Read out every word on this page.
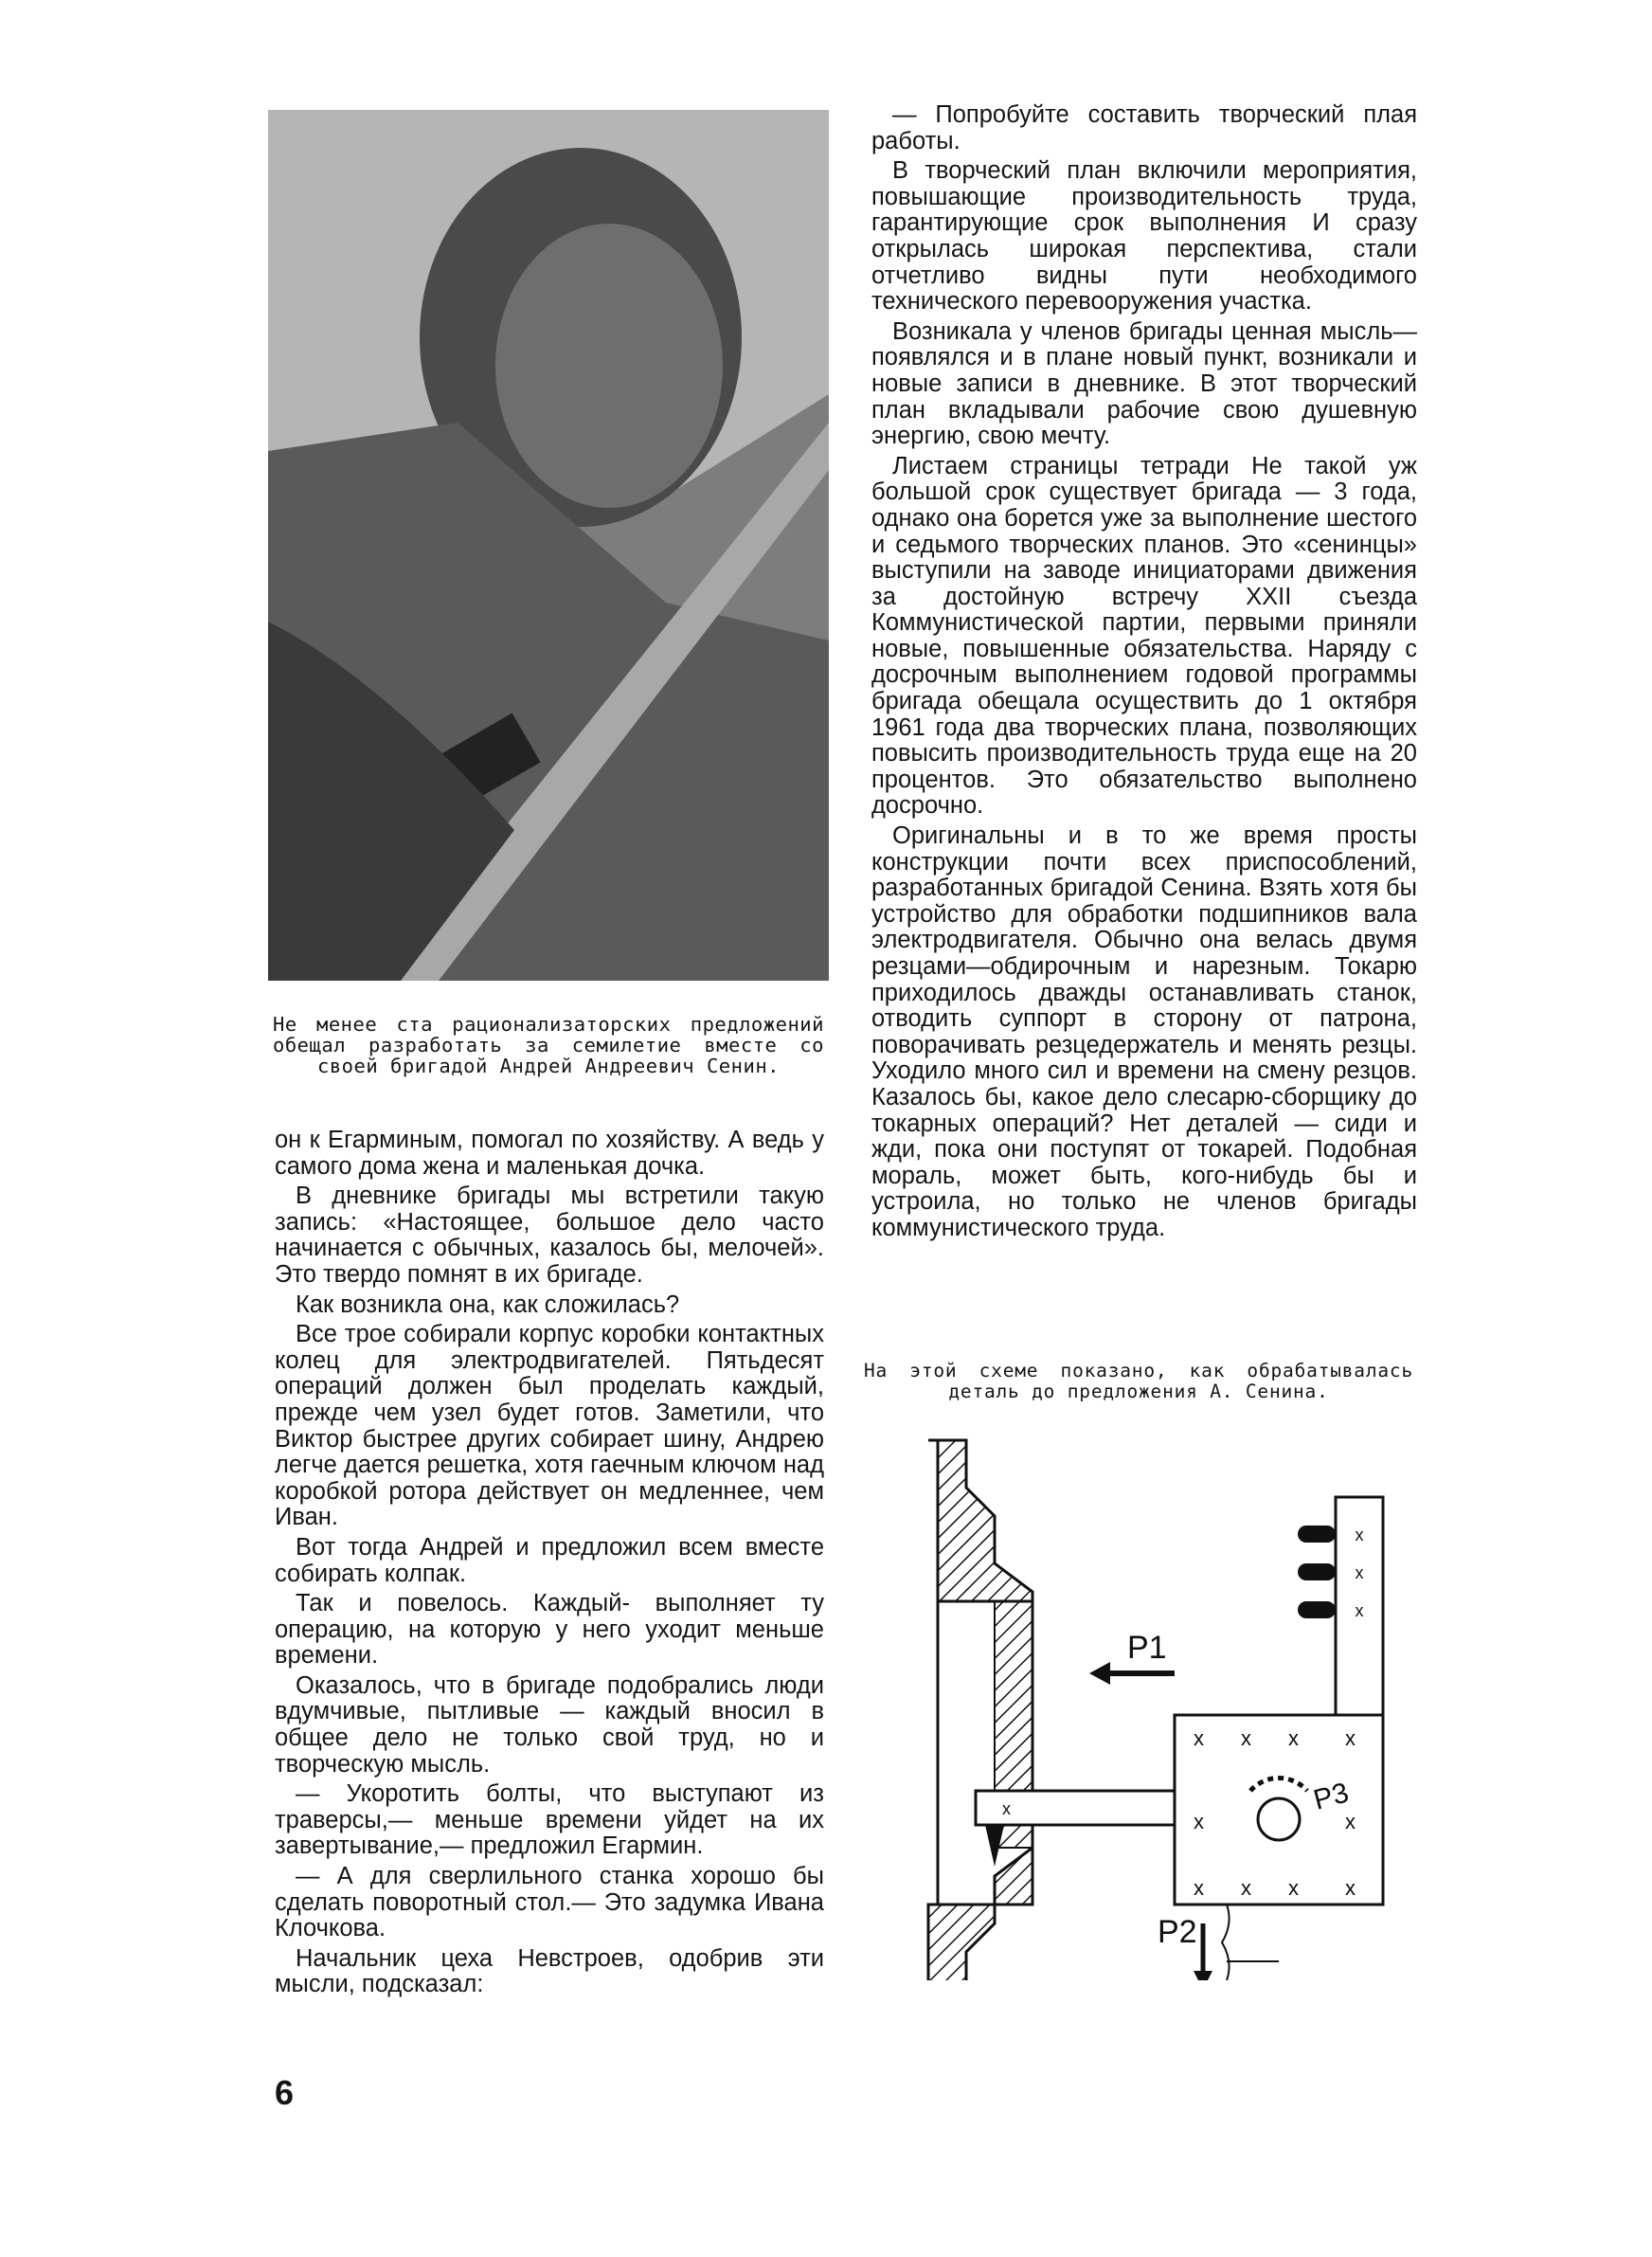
Не менее ста рационализаторских предложений обещал разработать за семилетие вместе со своей бригадой Андрей Андреевич Сенин.

он к Егарминым, помогал по хозяйству. А ведь у самого дома жена и маленькая дочка.

В дневнике бригады мы встретили такую запись: «Настоящее, большое дело часто начинается с обычных, казалось бы, мелочей». Это твердо помнят в их бригаде.

Как возникла она, как сложилась?

Все трое собирали корпус коробки контактных колец для электродвигателей. Пятьдесят операций должен был проделать каждый, прежде чем узел будет готов. Заметили, что Виктор быстрее других собирает шину, Андрею легче дается решетка, хотя гаечным ключом над коробкой ротора действует он медленнее, чем Иван.

Вот тогда Андрей и предложил всем вместе собирать колпак.

Так и повелось. Каждый- выполняет ту операцию, на которую у него уходит меньше времени.

Оказалось, что в бригаде подобрались люди вдумчивые, пытливые — каждый вносил в общее дело не только свой труд, но и творческую мысль.

— Укоротить болты, что выступают из траверсы,— меньше времени уйдет на их завертывание,— предложил Егармин.

— А для сверлильного станка хорошо бы сделать поворотный стол.— Это задумка Ивана Клочкова.

Начальник цеха Невстроев, одобрив эти мысли, подсказал:

— Попробуйте составить творческий плая работы.

В творческий план включили мероприятия, повышающие производительность труда, гарантирующие срок выполнения И сразу открылась широкая перспектива, стали отчетливо видны пути необходимого технического перевооружения участка.

Возникала у членов бригады ценная мысль—появлялся и в плане новый пункт, возникали и новые записи в дневнике. В этот творческий план вкладывали рабочие свою душевную энергию, свою мечту.

Листаем страницы тетради Не такой уж большой срок существует бригада — 3 года, однако она борется уже за выполнение шестого и седьмого творческих планов. Это «сенинцы» выступили на заводе инициаторами движения за достойную встречу XXII съезда Коммунистической партии, первыми приняли новые, повышенные обязательства. Наряду с досрочным выполнением годовой программы бригада обещала осуществить до 1 октября 1961 года два творческих плана, позволяющих повысить производительность труда еще на 20 процентов. Это обязательство выполнено досрочно.

Оригинальны и в то же время просты конструкции почти всех приспособлений, разработанных бригадой Сенина. Взять хотя бы устройство для обработки подшипников вала электродвигателя. Обычно она велась двумя резцами—обдирочным и нарезным. Токарю приходилось дважды останавливать станок, отводить суппорт в сторону от патрона, поворачивать резцедержатель и менять резцы. Уходило много сил и времени на смену резцов. Казалось бы, какое дело слесарю-сборщику до токарных операций? Нет деталей — сиди и жди, пока они поступят от токарей. Подобная мораль, может быть, кого-нибудь бы и устроила, но только не членов бригады коммунистического труда.

На этой схеме показано, как обрабатывалась деталь до предложения А. Сенина.
x
x
x
x x x x
x	x
x x x x
x
P1
P2
P3
6
